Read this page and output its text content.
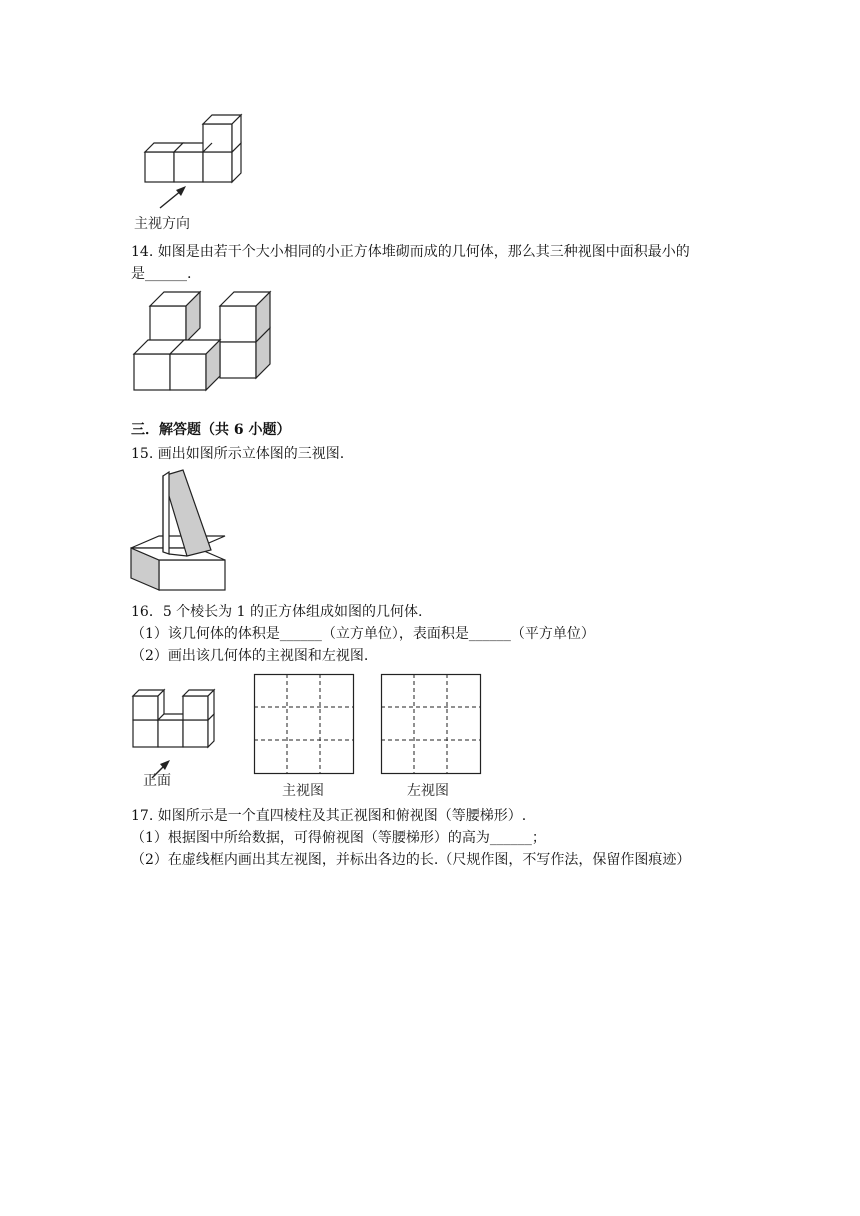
主视方向
14. 如图是由若干个大小相同的小正方体堆砌而成的几何体，那么其三种视图中面积最小的
是______.
三．解答题（共 6 小题）
15. 画出如图所示立体图的三视图.
16．5 个棱长为 1 的正方体组成如图的几何体.
（1）该几何体的体积是______（立方单位），表面积是______（平方单位）
（2）画出该几何体的主视图和左视图.
正面
主视图	左视图
17. 如图所示是一个直四棱柱及其正视图和俯视图（等腰梯形）.
（1）根据图中所给数据，可得俯视图（等腰梯形）的高为______；
（2）在虚线框内画出其左视图，并标出各边的长.（尺规作图，不写作法，保留作图痕迹）
